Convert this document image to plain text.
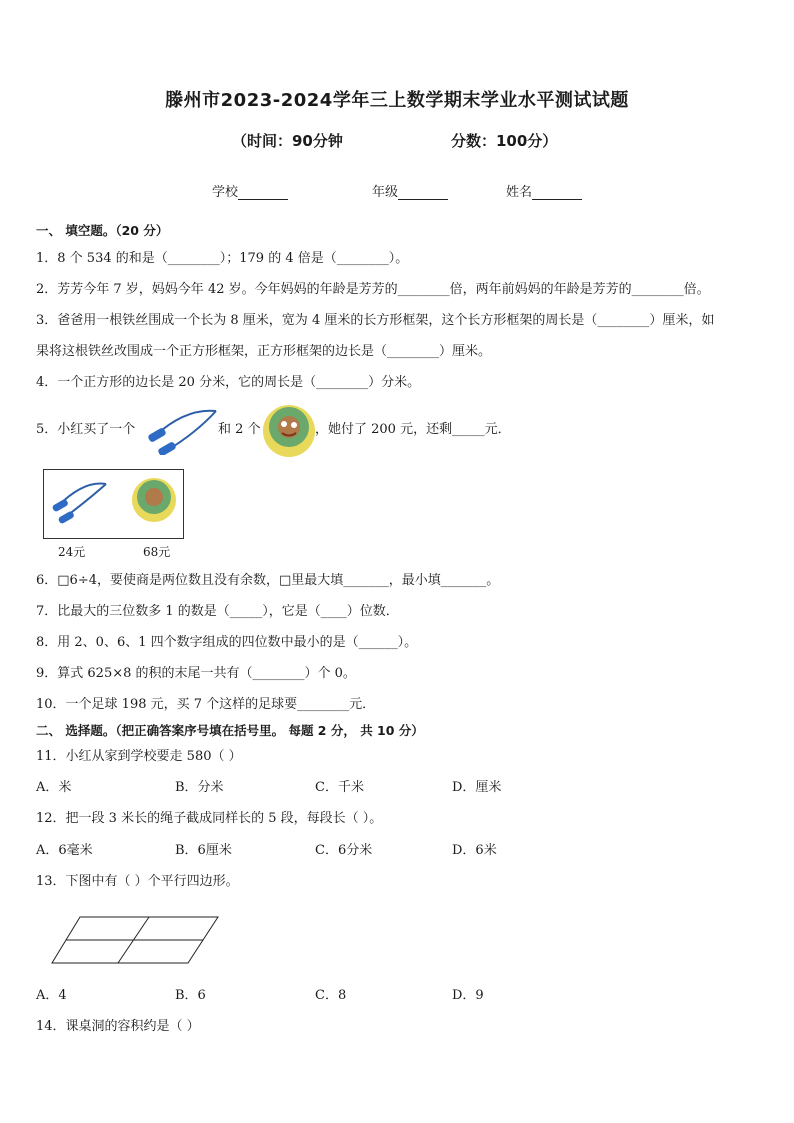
滕州市2023-2024学年三上数学期末学业水平测试试题
（时间：90分钟	分数：100分）
学校	年级	姓名
一、 填空题。（20 分）
1．8 个 534 的和是（________）；179 的 4 倍是（________）。
2．芳芳今年 7 岁，妈妈今年 42 岁。今年妈妈的年龄是芳芳的________倍，两年前妈妈的年龄是芳芳的________倍。
3．爸爸用一根铁丝围成一个长为 8 厘米，宽为 4 厘米的长方形框架，这个长方形框架的周长是（________）厘米，如
果将这根铁丝改围成一个正方形框架，正方形框架的边长是（________）厘米。
4．一个正方形的边长是 20 分米，它的周长是（________）分米。
5．小红买了一个	和 2 个	，她付了 200 元，还剩_____元．
24元	68元
6．□6÷4，要使商是两位数且没有余数，□里最大填_______，最小填_______。
7．比最大的三位数多 1 的数是（_____），它是（____）位数．
8．用 2、0、6、1 四个数字组成的四位数中最小的是（______）。
9．算式 625×8 的积的末尾一共有（________）个 0。
10．一个足球 198 元，买 7 个这样的足球要________元．
二、 选择题。（把正确答案序号填在括号里。 每题 2 分， 共 10 分）
11．小红从家到学校要走 580（ ）
A．米	B．分米	C．千米	D．厘米
12．把一段 3 米长的绳子截成同样长的 5 段，每段长（ ）。
A．6毫米	B．6厘米	C．6分米	D．6米
13．下图中有（ ）个平行四边形。
A．4	B．6	C．8	D．9
14．课桌洞的容积约是（ ）
